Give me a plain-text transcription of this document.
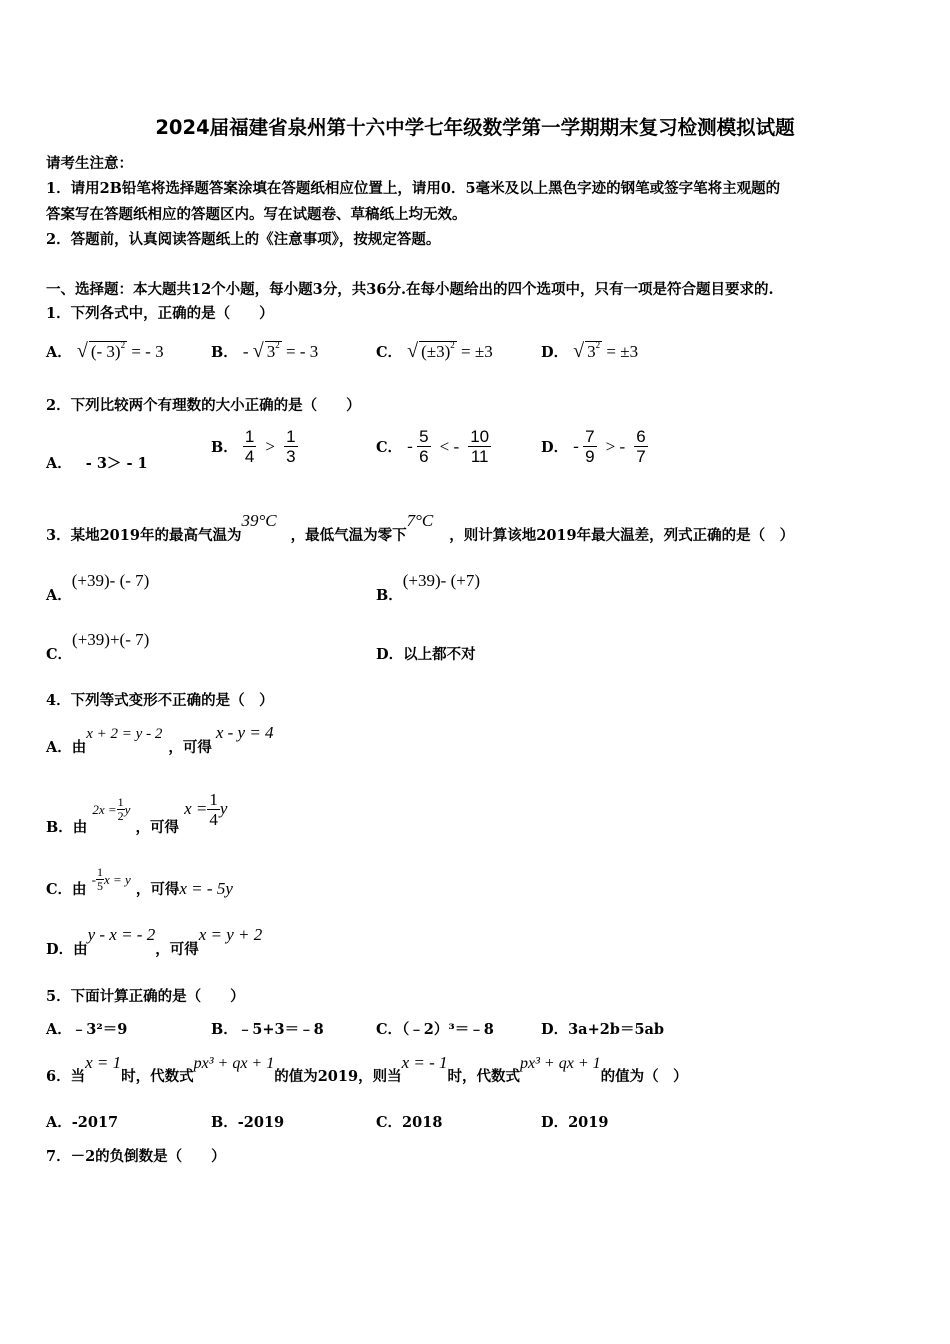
2024届福建省泉州第十六中学七年级数学第一学期期末复习检测模拟试题
请考生注意：
1．请用2B铅笔将选择题答案涂填在答题纸相应位置上，请用0．5毫米及以上黑色字迹的钢笔或签字笔将主观题的
答案写在答题纸相应的答题区内。写在试题卷、草稿纸上均无效。
2．答题前，认真阅读答题纸上的《注意事项》，按规定答题。
一、选择题：本大题共12个小题，每小题3分，共36分.在每小题给出的四个选项中，只有一项是符合题目要求的.
1．下列各式中，正确的是（　　）
A． √ (- 3)$^2$ = - 3	B． - √ $3^2$ = - 3	C． √ $(\pm 3)^2 = \pm 3$	D． √ $3^2 = \pm 3$
2．下列比较两个有理数的大小正确的是（　　）
A． - 3＞ - 1
B． $\frac{1}{4} > \frac{1}{3}$	C． - $\frac{5}{6}$ < - $\frac{10}{11}$	D． - $\frac{7}{9}$ > - $\frac{6}{7}$
3．某地2019年的最高气温为39°C，最低气温为零下7°C，则计算该地2019年最大温差，列式正确的是（　）
A．(+39)- (- 7)
B．(+39)- (+7)
C．(+39)+(- 7)
D．以上都不对
4．下列等式变形不正确的是（　）
A．由x + 2 = y - 2，可得x - y = 4
B．由 $2x = \frac{1}{2}$ y ，可得 $x = \frac{1}{4}$ y
C．由 - $\frac{1}{5}$ x = y ，可得x = - 5y
D．由y - x = - 2，可得x = y + 2
5．下面计算正确的是（　　）
A．﹣3²＝9	B．﹣5+3＝﹣8	C．（﹣2）³＝﹣8	D．3a+2b＝5ab
6．当x = 1时，代数式px³ + qx + 1的值为2019，则当x = - 1时，代数式px³ + qx + 1的值为（　）
A．-2017	B．-2019	C．2018	D．2019
7．－2的负倒数是（　　）
